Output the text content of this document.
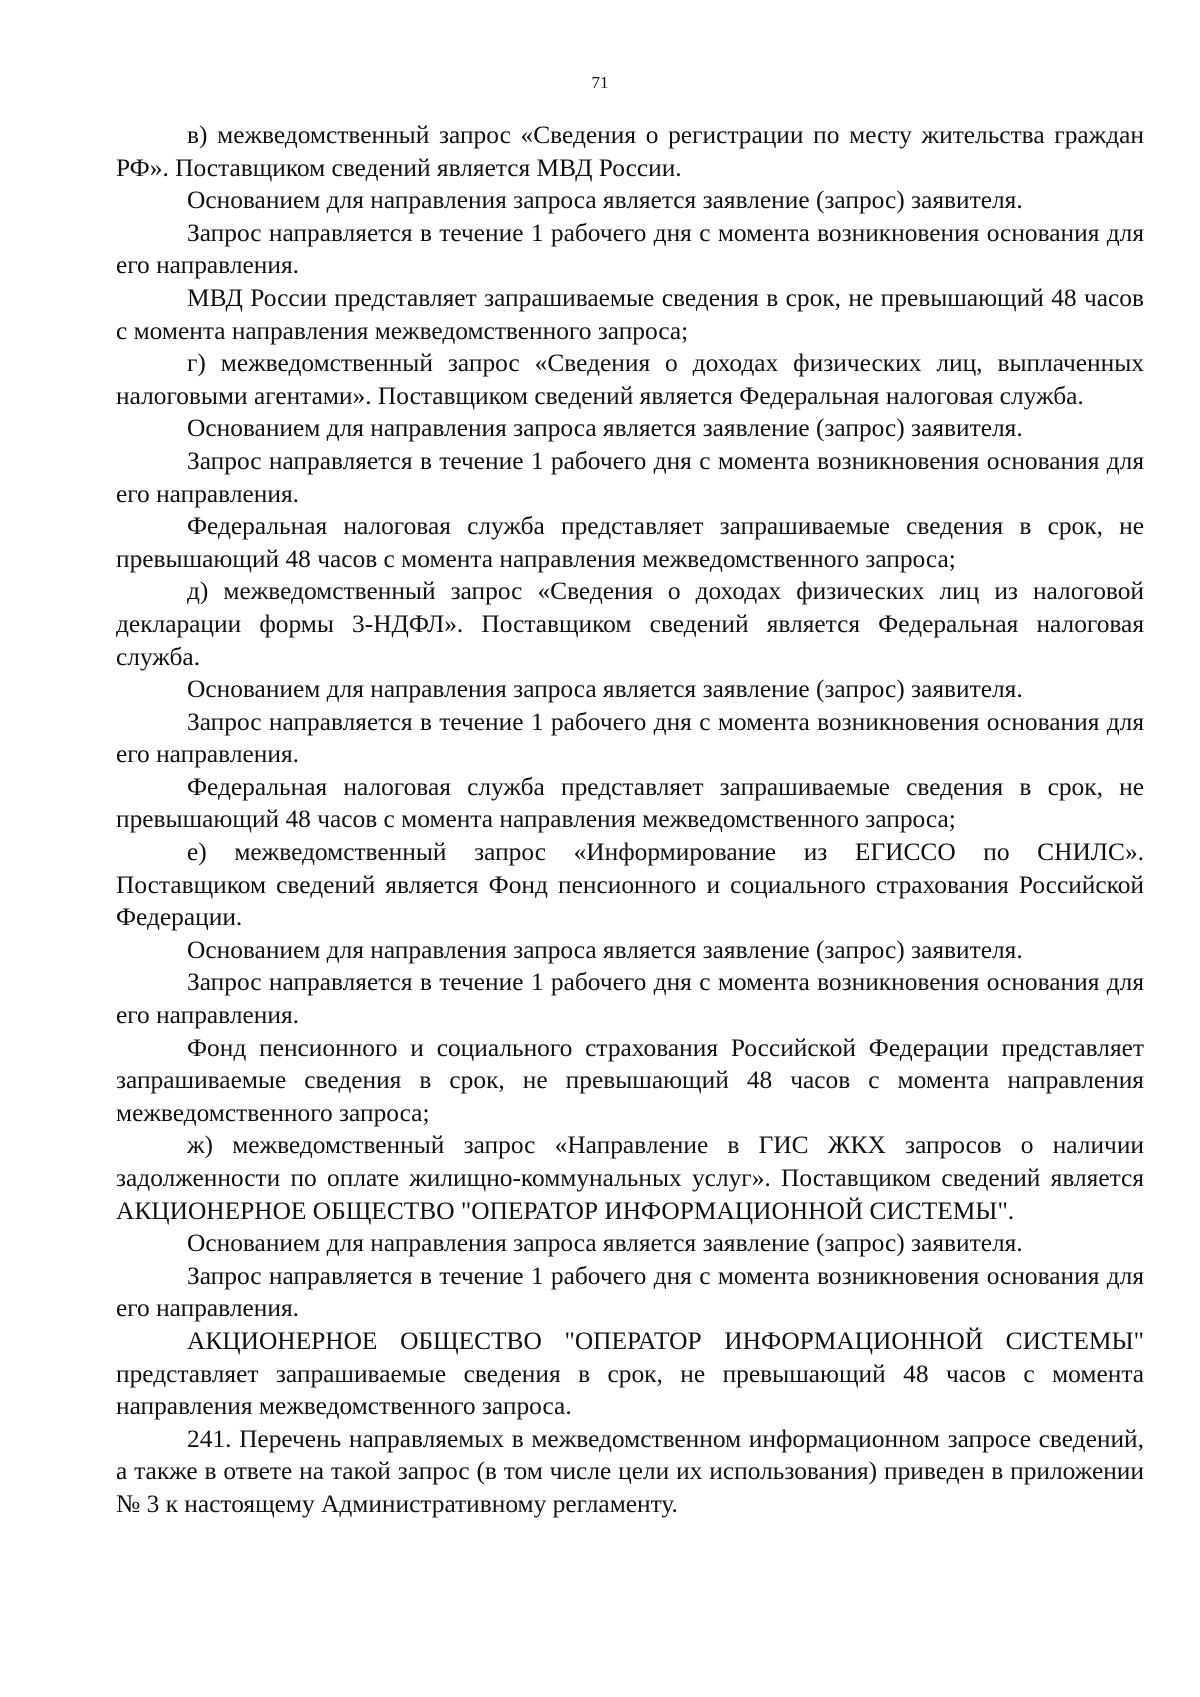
71

в) межведомственный запрос «Сведения о регистрации по месту жительства граждан РФ». Поставщиком сведений является МВД России.

Основанием для направления запроса является заявление (запрос) заявителя.

Запрос направляется в течение 1 рабочего дня с момента возникновения основания для его направления.

МВД России представляет запрашиваемые сведения в срок, не превышающий 48 часов с момента направления межведомственного запроса;

г) межведомственный запрос «Сведения о доходах физических лиц, выплаченных налоговыми агентами». Поставщиком сведений является Федеральная налоговая служба.

Основанием для направления запроса является заявление (запрос) заявителя.

Запрос направляется в течение 1 рабочего дня с момента возникновения основания для его направления.

Федеральная налоговая служба представляет запрашиваемые сведения в срок, не превышающий 48 часов с момента направления межведомственного запроса;

д) межведомственный запрос «Сведения о доходах физических лиц из налоговой декларации формы 3-НДФЛ». Поставщиком сведений является Федеральная налоговая служба.

Основанием для направления запроса является заявление (запрос) заявителя.

Запрос направляется в течение 1 рабочего дня с момента возникновения основания для его направления.

Федеральная налоговая служба представляет запрашиваемые сведения в срок, не превышающий 48 часов с момента направления межведомственного запроса;

е) межведомственный запрос «Информирование из ЕГИССО по СНИЛС». Поставщиком сведений является Фонд пенсионного и социального страхования Российской Федерации.

Основанием для направления запроса является заявление (запрос) заявителя.

Запрос направляется в течение 1 рабочего дня с момента возникновения основания для его направления.

Фонд пенсионного и социального страхования Российской Федерации представляет запрашиваемые сведения в срок, не превышающий 48 часов с момента направления межведомственного запроса;

ж) межведомственный запрос «Направление в ГИС ЖКХ запросов о наличии задолженности по оплате жилищно-коммунальных услуг». Поставщиком сведений является АКЦИОНЕРНОЕ ОБЩЕСТВО "ОПЕРАТОР ИНФОРМАЦИОННОЙ СИСТЕМЫ".

Основанием для направления запроса является заявление (запрос) заявителя.

Запрос направляется в течение 1 рабочего дня с момента возникновения основания для его направления.

АКЦИОНЕРНОЕ ОБЩЕСТВО "ОПЕРАТОР ИНФОРМАЦИОННОЙ СИСТЕМЫ" представляет запрашиваемые сведения в срок, не превышающий 48 часов с момента направления межведомственного запроса.

241. Перечень направляемых в межведомственном информационном запросе сведений, а также в ответе на такой запрос (в том числе цели их использования) приведен в приложении № 3 к настоящему Административному регламенту.
